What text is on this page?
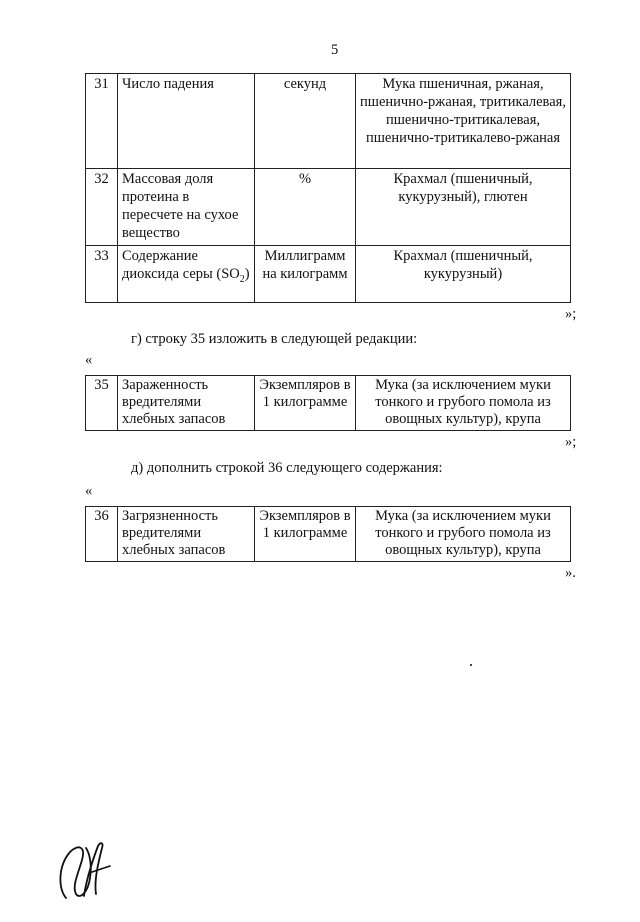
5
31	Число падения	секунд	Мука пшеничная, ржаная, пшенично-ржаная, тритикалевая, пшенично-тритикалевая, пшенично-тритикалево-ржаная
32	Массовая доля протеина в пересчете на сухое вещество	%	Крахмал (пшеничный, кукурузный), глютен
33	Содержание диоксида серы $(SO_2)$	Миллиграмм на килограмм	Крахмал (пшеничный, кукурузный)
»;
г) строку 35 изложить в следующей редакции:
«
35	Зараженность вредителями хлебных запасов	Экземпляров в 1 килограмме	Мука (за исключением муки тонкого и грубого помола из овощных культур), крупа
»;
д) дополнить строкой 36 следующего содержания:
«
36	Загрязненность вредителями хлебных запасов	Экземпляров в 1 килограмме	Мука (за исключением муки тонкого и грубого помола из овощных культур), крупа
».
